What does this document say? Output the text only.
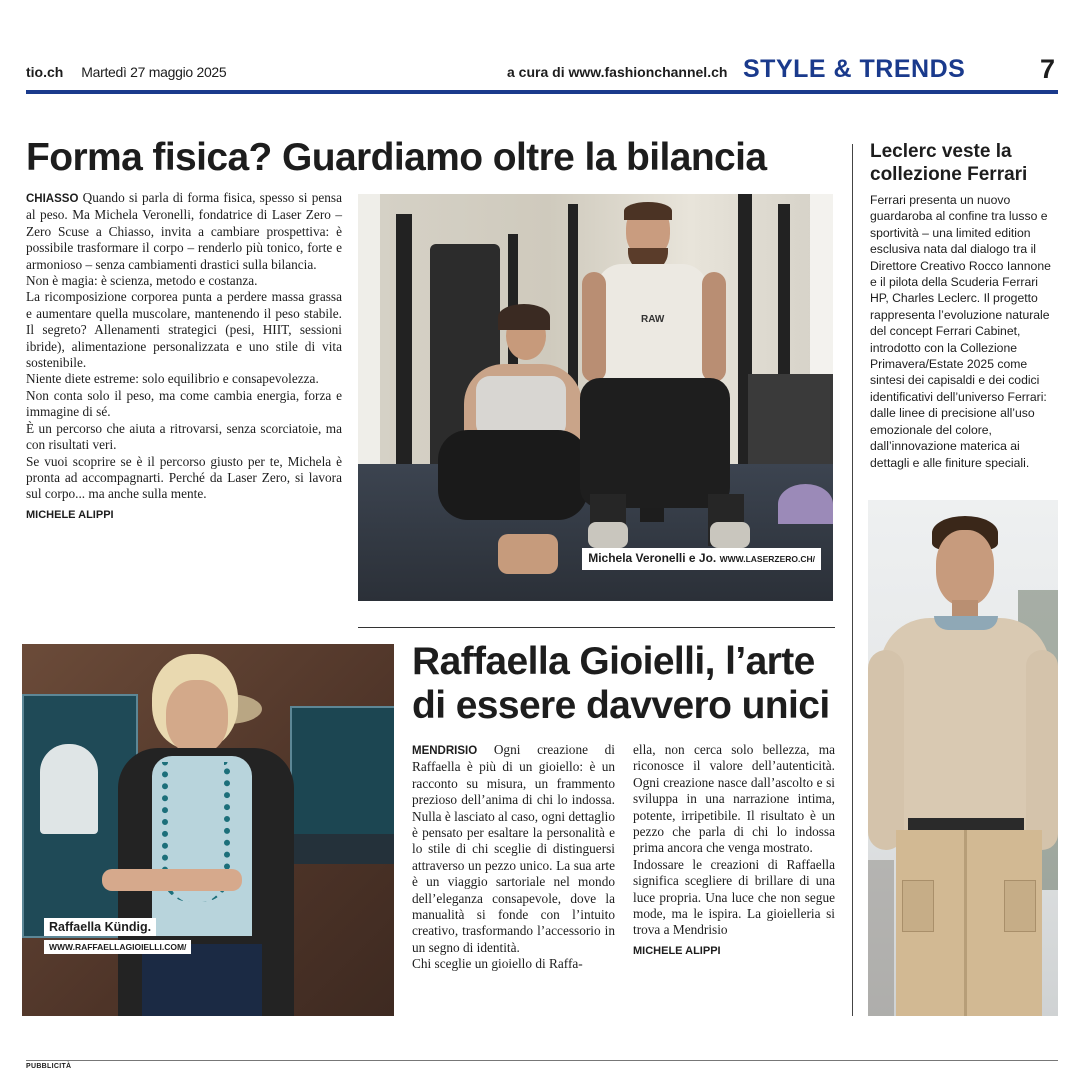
tio.ch Martedì 27 maggio 2025	a cura di www.fashionchannel.ch STYLE & TRENDS	7
Forma fisica? Guardiamo oltre la bilancia

CHIASSO Quando si parla di forma fisica, spesso si pensa al peso. Ma Michela Veronelli, fondatrice di Laser Zero – Zero Scuse a Chiasso, invita a cambiare prospettiva: è possibile trasformare il corpo – renderlo più tonico, forte e armonioso – senza cambiamenti drastici sulla bilancia.

Non è magia: è scienza, metodo e costanza.

La ricomposizione corporea punta a perdere massa grassa e aumentare quella muscolare, mantenendo il peso stabile. Il segreto? Allenamenti strategici (pesi, HIIT, sessioni ibride), alimentazione personalizzata e uno stile di vita sostenibile.

Niente diete estreme: solo equilibrio e consapevolezza.

Non conta solo il peso, ma come cambia energia, forza e immagine di sé.

È un percorso che aiuta a ritrovarsi, senza scorciatoie, ma con risultati veri.

Se vuoi scoprire se è il percorso giusto per te, Michela è pronta ad accompagnarti. Perché da Laser Zero, si lavora sul corpo... ma anche sulla mente.

MICHELE ALIPPI

RAW
Michela Veronelli e Jo. WWW.LASERZERO.CH/
Raffaella Kündig.
WWW.RAFFAELLAGIOIELLI.COM/
Raffaella Gioielli, l’arte di essere davvero unici

MENDRISIO Ogni creazione di Raffaella è più di un gioiello: è un racconto su misura, un frammento prezioso dell’anima di chi lo indossa. Nulla è lasciato al caso, ogni dettaglio è pensato per esaltare la personalità e lo stile di chi sceglie di distinguersi attraverso un pezzo unico. La sua arte è un viaggio sartoriale nel mondo dell’eleganza consapevole, dove la manualità si fonde con l’intuito creativo, trasformando l’accessorio in un segno di identità.

Chi sceglie un gioiello di Raffa-

ella, non cerca solo bellezza, ma riconosce il valore dell’autenticità. Ogni creazione nasce dall’ascolto e si sviluppa in una narrazione intima, potente, irripetibile. Il risultato è un pezzo che parla di chi lo indossa prima ancora che venga mostrato.

Indossare le creazioni di Raffaella significa scegliere di brillare di una luce propria. Una luce che non segue mode, ma le ispira. La gioielleria si trova a Mendrisio

MICHELE ALIPPI

Leclerc veste la collezione Ferrari
Ferrari presenta un nuovo guardaroba al confine tra lusso e sportività – una limited edition esclusiva nata dal dialogo tra il Direttore Creativo Rocco Iannone e il pilota della Scuderia Ferrari HP, Charles Leclerc. Il progetto rappresenta l’evoluzione naturale del concept Ferrari Cabinet, introdotto con la Collezione Primavera/Estate 2025 come sintesi dei capisaldi e dei codici identificativi dell’universo Ferrari: dalle linee di precisione all’uso emozionale del colore, dall’innovazione materica ai dettagli e alle finiture speciali.
PUBBLICITÀ
